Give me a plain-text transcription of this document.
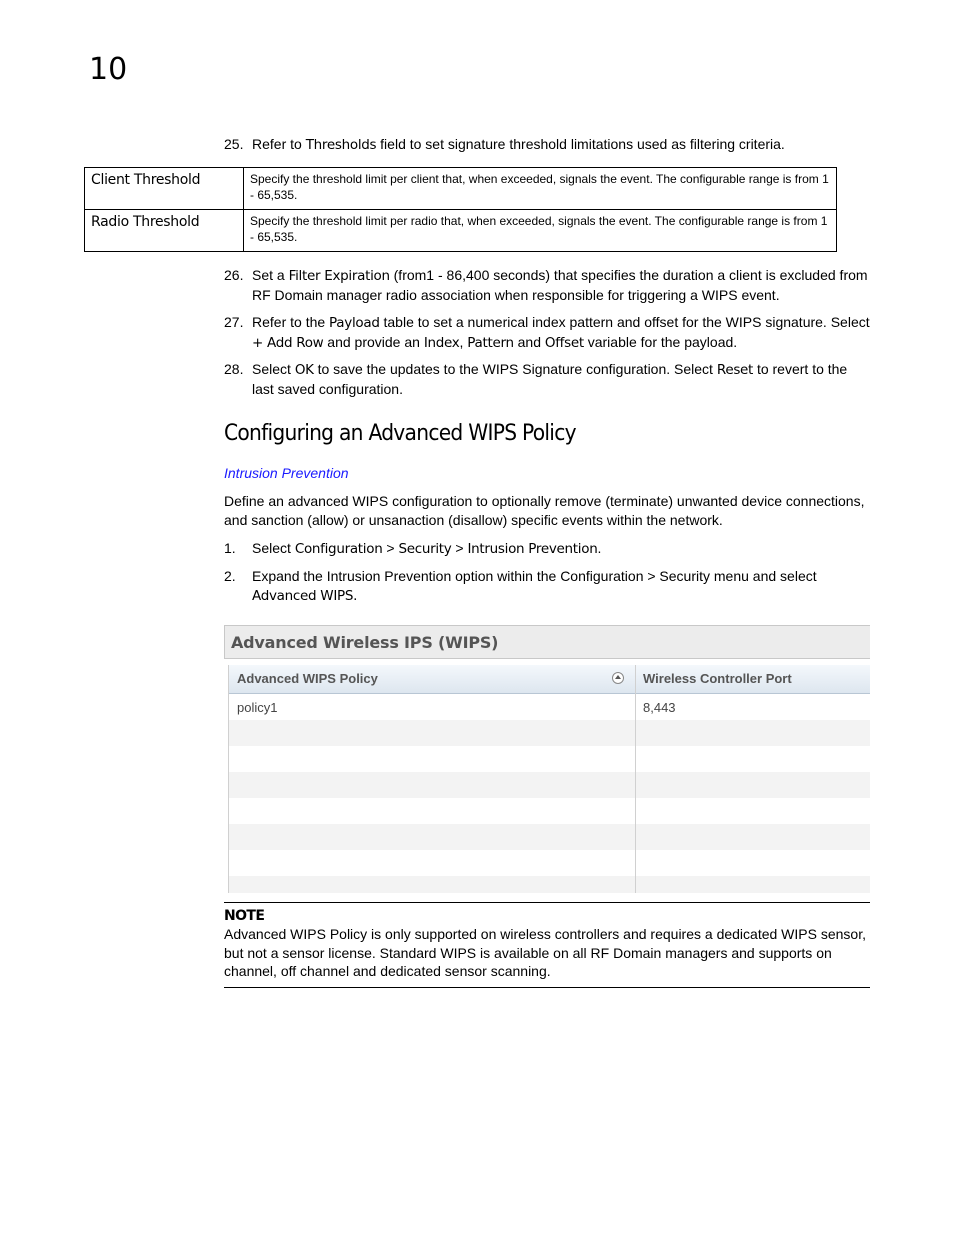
10
25. Refer to Thresholds field to set signature threshold limitations used as filtering criteria.
Client Threshold	Specify the threshold limit per client that, when exceeded, signals the event. The configurable range is from 1 - 65,535.
Radio Threshold	Specify the threshold limit per radio that, when exceeded, signals the event. The configurable range is from 1 - 65,535.
26. Set a Filter Expiration (from1 - 86,400 seconds) that specifies the duration a client is excluded from RF Domain manager radio association when responsible for triggering a WIPS event.
27. Refer to the Payload table to set a numerical index pattern and offset for the WIPS signature. Select + Add Row and provide an Index, Pattern and Offset variable for the payload.
28. Select OK to save the updates to the WIPS Signature configuration. Select Reset to revert to the last saved configuration.
Configuring an Advanced WIPS Policy
Intrusion Prevention
Define an advanced WIPS configuration to optionally remove (terminate) unwanted device connections, and sanction (allow) or unsanaction (disallow) specific events within the network.
1. Select Configuration > Security > Intrusion Prevention.
2. Expand the Intrusion Prevention option within the Configuration > Security menu and select Advanced WIPS.
Advanced Wireless IPS (WIPS)
Advanced WIPS Policy	Wireless Controller Port
policy1	8,443
NOTE
Advanced WIPS Policy is only supported on wireless controllers and requires a dedicated WIPS sensor, but not a sensor license. Standard WIPS is available on all RF Domain managers and supports on channel, off channel and dedicated sensor scanning.
